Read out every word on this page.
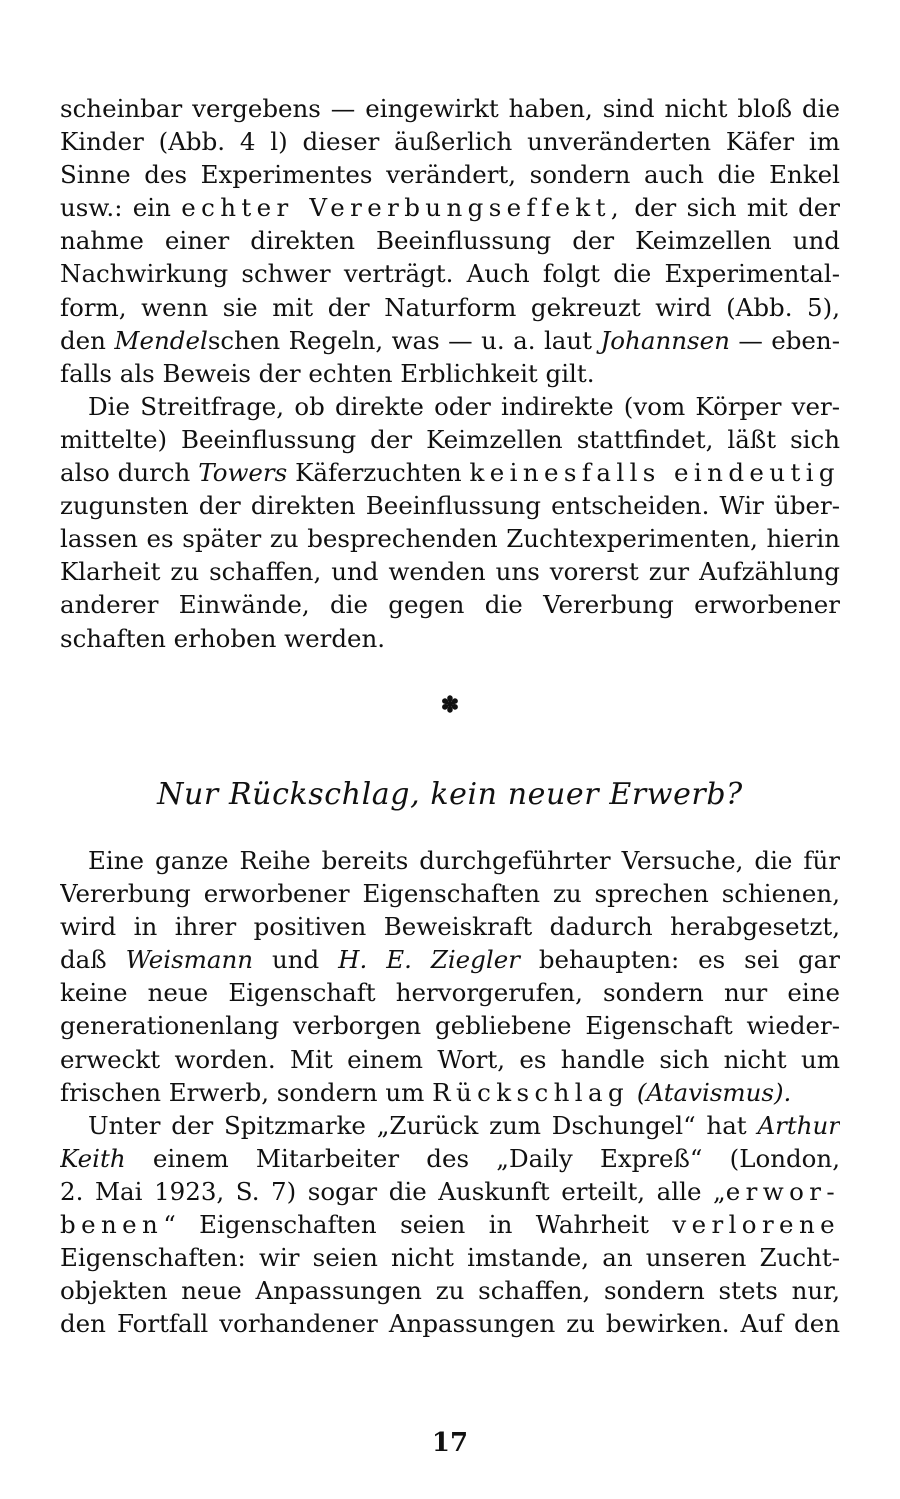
scheinbar vergebens — eingewirkt haben, sind nicht bloß die
Kinder (Abb. 4 l) dieser äußerlich unveränderten Käfer im
Sinne des Experimentes verändert, sondern auch die Enkel
usw.: ein echter Vererbungseffekt, der sich mit der
nahme einer direkten Beeinflussung der Keimzellen und
Nachwirkung schwer verträgt. Auch folgt die Experimental-
form, wenn sie mit der Naturform gekreuzt wird (Abb. 5),
den Mendelschen Regeln, was — u. a. laut Johannsen — eben-
falls als Beweis der echten Erblichkeit gilt.
Die Streitfrage, ob direkte oder indirekte (vom Körper ver-
mittelte) Beeinflussung der Keimzellen stattfindet, läßt sich
also durch Towers Käferzuchten keinesfalls eindeutig
zugunsten der direkten Beeinflussung entscheiden. Wir über-
lassen es später zu besprechenden Zuchtexperimenten, hierin
Klarheit zu schaffen, und wenden uns vorerst zur Aufzählung
anderer Einwände, die gegen die Vererbung erworbener
schaften erhoben werden.
✽
Nur Rückschlag, kein neuer Erwerb?
Eine ganze Reihe bereits durchgeführter Versuche, die für
Vererbung erworbener Eigenschaften zu sprechen schienen,
wird in ihrer positiven Beweiskraft dadurch herabgesetzt,
daß Weismann und H. E. Ziegler behaupten: es sei gar
keine neue Eigenschaft hervorgerufen, sondern nur eine
generationenlang verborgen gebliebene Eigenschaft wieder-
erweckt worden. Mit einem Wort, es handle sich nicht um
frischen Erwerb, sondern um Rückschlag (Atavismus).
Unter der Spitzmarke „Zurück zum Dschungel“ hat Arthur
Keith einem Mitarbeiter des „Daily Expreß“ (London,
2. Mai 1923, S. 7) sogar die Auskunft erteilt, alle „erwor-
benen“ Eigenschaften seien in Wahrheit verlorene
Eigenschaften: wir seien nicht imstande, an unseren Zucht-
objekten neue Anpassungen zu schaffen, sondern stets nur,
den Fortfall vorhandener Anpassungen zu bewirken. Auf den
17
